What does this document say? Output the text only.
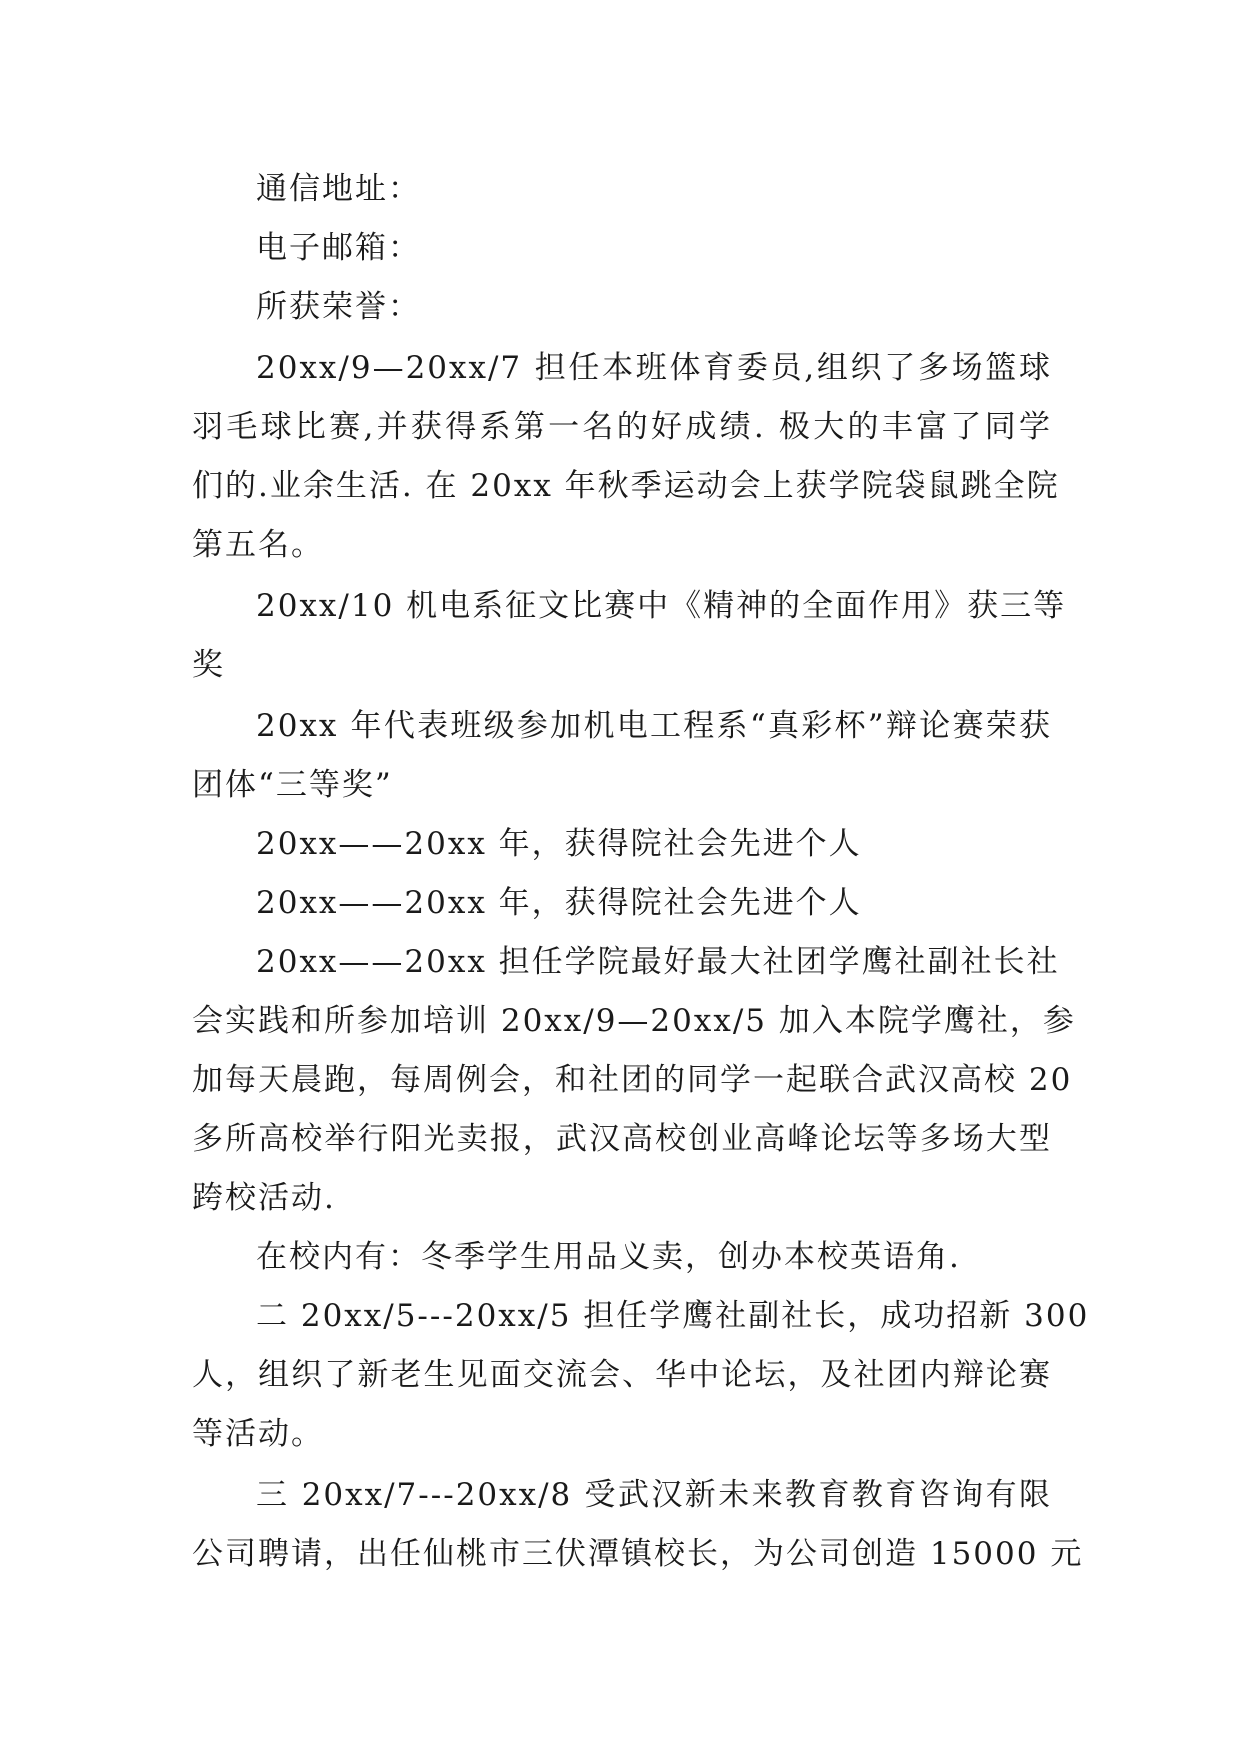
通信地址：
电子邮箱：
所获荣誉：
20xx/9—20xx/7 担任本班体育委员,组织了多场篮球
羽毛球比赛,并获得系第一名的好成绩. 极大的丰富了同学
们的.业余生活. 在 20xx 年秋季运动会上获学院袋鼠跳全院
第五名。
20xx/10 机电系征文比赛中《精神的全面作用》获三等
奖
20xx 年代表班级参加机电工程系“真彩杯”辩论赛荣获
团体“三等奖”
20xx——20xx 年，获得院社会先进个人
20xx——20xx 年，获得院社会先进个人
20xx——20xx 担任学院最好最大社团学鹰社副社长社
会实践和所参加培训 20xx/9—20xx/5 加入本院学鹰社，参
加每天晨跑，每周例会，和社团的同学一起联合武汉高校 20
多所高校举行阳光卖报，武汉高校创业高峰论坛等多场大型
跨校活动.
在校内有：冬季学生用品义卖，创办本校英语角.
二 20xx/5---20xx/5 担任学鹰社副社长，成功招新 300
人，组织了新老生见面交流会、华中论坛，及社团内辩论赛
等活动。
三 20xx/7---20xx/8 受武汉新未来教育教育咨询有限
公司聘请，出任仙桃市三伏潭镇校长，为公司创造 15000 元
